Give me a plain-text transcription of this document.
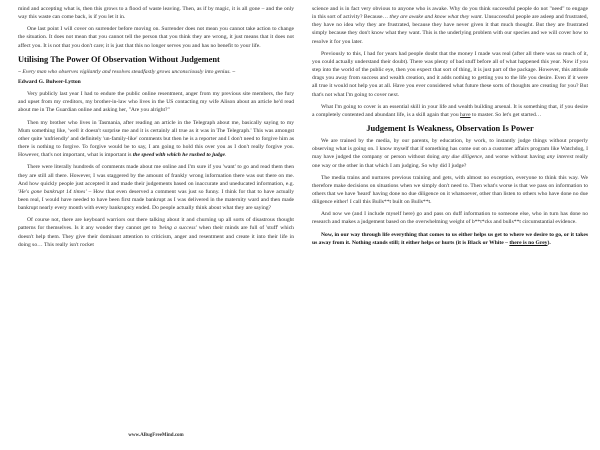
mind and accepting what is, then this grows to a flood of waste leaving. Then, as if by magic, it is all gone – and the only way this waste can come back, is if you let it in.

One last point I will cover on surrender before moving on. Surrender does not mean you cannot take action to change the situation. It does not mean that you cannot tell the person that you think they are wrong, it just means that it does not affect you. It is not that you don't care; it is just that this no longer serves you and has no benefit to your life.

Utilising The Power Of Observation Without Judgement
~ Every man who observes vigilantly and resolves steadfastly grows unconsciously into genius. ~
Edward G. Bulwer-Lytton

Very publicly last year I had to endure the public online resentment, anger from my previous site members, the fury and upset from my creditors, my brother-in-law who lives in the US contacting my wife Alison about an article he'd read about me in The Guardian online and asking her, "Are you alright?"

Then my brother who lives in Tasmania, after reading an article in the Telegraph about me, basically saying to my Mum something like, 'well it doesn't surprise me and it is certainly all true as it was in The Telegraph.' This was amongst other quite 'unfriendly' and definitely 'un-family-like' comments but then he is a reporter and I don't need to forgive him as there is nothing to forgive. To forgive would be to say, I am going to hold this over you as I don't really forgive you. However, that's not important, what is important is the speed with which he rushed to judge.

There were literally hundreds of comments made about me online and I'm sure if you 'want' to go and read them then they are still all there. However, I was staggered by the amount of frankly wrong information there was out there on me. And how quickly people just accepted it and made their judgements based on inaccurate and uneducated information, e.g. 'He's gone bankrupt 14 times' – How that even deserved a comment was just so funny. I think for that to have actually been real, I would have needed to have been first made bankrupt as I was delivered in the maternity ward and then made bankrupt nearly every month with every bankruptcy ended. Do people actually think about what they are saying?

Of course not, there are keyboard warriors out there talking about it and churning up all sorts of disastrous thought patterns for themselves. Is it any wonder they cannot get to 'being a success' when their minds are full of 'stuff' which doesn't help them. They give their dominant attention to criticism, anger and resentment and create it into their life in doing so… This really isn't rocket

science and is in fact very obvious to anyone who is awake. Why do you think successful people do not "need" to engage in this sort of activity? Because… they are awake and know what they want. Unsuccessful people are asleep and frustrated, they have no idea why they are frustrated, because they have never given it that much thought. But they are frustrated simply because they don't know what they want. This is the underlying problem with our species and we will cover how to resolve it for you later.

Previously to this, I had for years had people doubt that the money I made was real (after all there was so much of it, you could actually understand their doubt). There was plenty of bad stuff before all of what happened this year. Now if you step into the world of the public eye, then you expect that sort of thing, it is just part of the package. However, this attitude drags you away from success and wealth creation, and it adds nothing to getting you to the life you desire. Even if it were all true it would not help you at all. Have you ever considered what future these sorts of thoughts are creating for you? But that's not what I'm going to cover next.

What I'm going to cover is an essential skill in your life and wealth building arsenal. It is something that, if you desire a completely contented and abundant life, is a skill again that you have to master. So let's get started…

Judgement Is Weakness, Observation Is Power

We are trained by the media, by our parents, by education, by work, to instantly judge things without properly observing what is going on. I know myself that if something has come out on a customer affairs program like Watchdog, I may have judged the company or person without doing any due diligence, and worse without having any interest really one way or the other in that which I am judging. So why did I judge?

The media trains and nurtures previous training and gets, with almost no exception, everyone to think this way. We therefore make decisions on situations when we simply don't need to. Then what's worse is that we pass on information to others that we have 'heard' having done no due diligence on it whatsoever, other than listen to others who have done no due diligence either! I call this Bulls**t built on Bulls**t.

And now we (and I include myself here) go and pass on duff information to someone else, who in turn has done no research and makes a judgement based on the overwhelming weight of b**t*cks and bulls**t circumstantial evidence.

Now, in our way through life everything that comes to us either helps us get to where we desire to go, or it takes us away from it. Nothing stands still; it either helps or hurts (it is Black or White – there is no Grey).

www.ABugFreeMind.com
